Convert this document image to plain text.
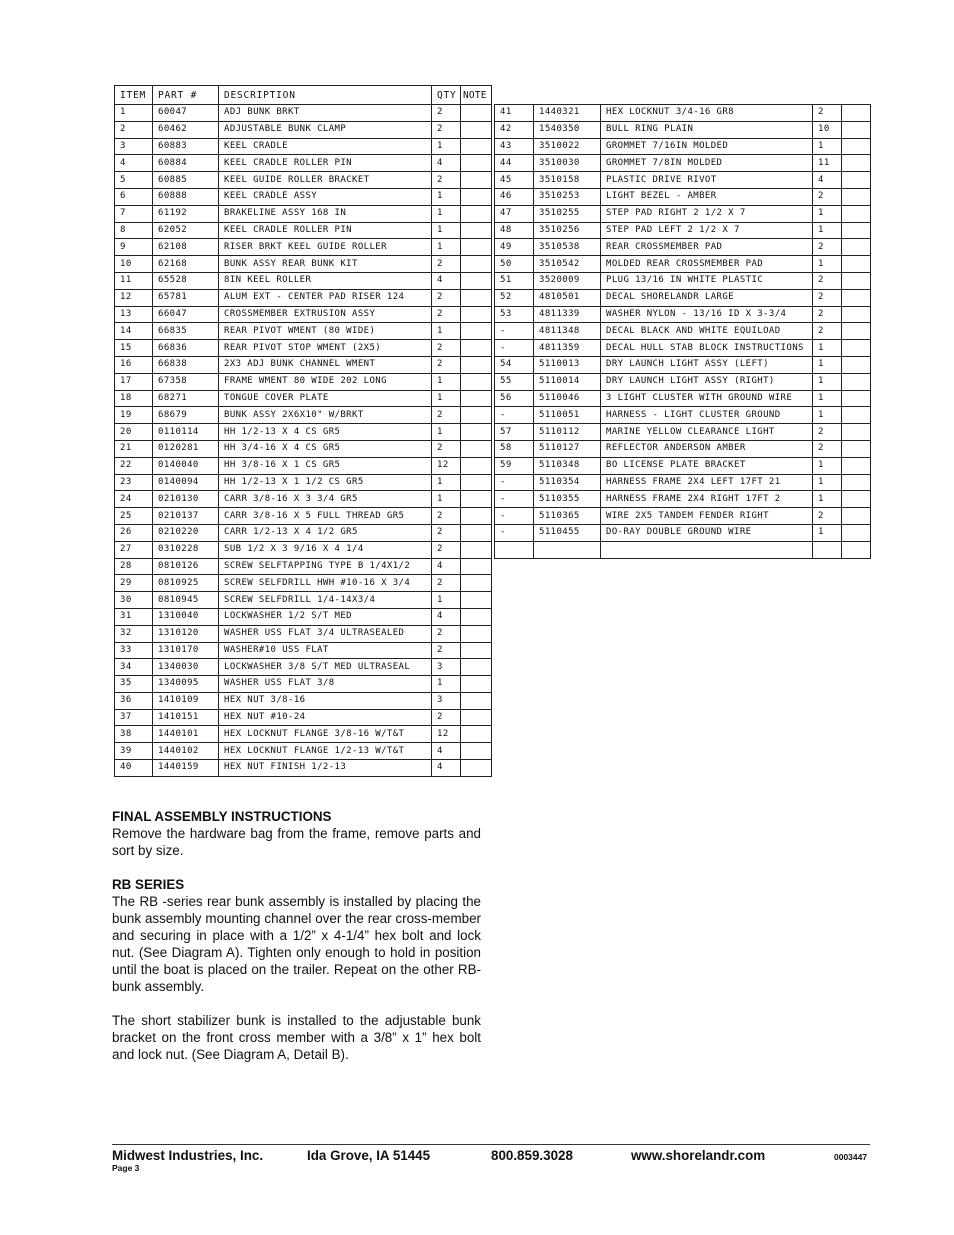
ITEM	PART #	DESCRIPTION	QTY	NOTE
1	60047	ADJ BUNK BRKT	2	
2	60462	ADJUSTABLE BUNK CLAMP	2	
3	60883	KEEL CRADLE	1	
4	60884	KEEL CRADLE ROLLER PIN	4	
5	60885	KEEL GUIDE ROLLER BRACKET	2	
6	60888	KEEL CRADLE ASSY	1	
7	61192	BRAKELINE ASSY 168 IN	1	
8	62052	KEEL CRADLE ROLLER PIN	1	
9	62108	RISER BRKT KEEL GUIDE ROLLER	1	
10	62168	BUNK ASSY REAR BUNK KIT	2	
11	65528	8IN KEEL ROLLER	4	
12	65781	ALUM EXT - CENTER PAD RISER 124	2	
13	66047	CROSSMEMBER EXTRUSION ASSY	2	
14	66835	REAR PIVOT WMENT (80 WIDE)	1	
15	66836	REAR PIVOT STOP WMENT (2X5)	2	
16	66838	2X3 ADJ BUNK CHANNEL WMENT	2	
17	67358	FRAME WMENT 80 WIDE 202 LONG	1	
18	68271	TONGUE COVER PLATE	1	
19	68679	BUNK ASSY 2X6X10" W/BRKT	2	
20	0110114	HH 1/2-13 X 4 CS GR5	1	
21	0120281	HH 3/4-16 X 4 CS GR5	2	
22	0140040	HH 3/8-16 X 1 CS GR5	12	
23	0140094	HH 1/2-13 X 1 1/2 CS GR5	1	
24	0210130	CARR 3/8-16 X 3 3/4 GR5	1	
25	0210137	CARR 3/8-16 X 5 FULL THREAD GR5	2	
26	0210220	CARR 1/2-13 X 4 1/2 GR5	2	
27	0310228	SUB 1/2 X 3 9/16 X 4 1/4	2	
28	0810126	SCREW SELFTAPPING TYPE B 1/4X1/2	4	
29	0810925	SCREW SELFDRILL HWH #10-16 X 3/4	2	
30	0810945	SCREW SELFDRILL 1/4-14X3/4	1	
31	1310040	LOCKWASHER 1/2 S/T MED	4	
32	1310120	WASHER USS FLAT 3/4 ULTRASEALED	2	
33	1310170	WASHER#10 USS FLAT	2	
34	1340030	LOCKWASHER 3/8 S/T MED ULTRASEAL	3	
35	1340095	WASHER USS FLAT 3/8	1	
36	1410109	HEX NUT 3/8-16	3	
37	1410151	HEX NUT #10-24	2	
38	1440101	HEX LOCKNUT FLANGE 3/8-16 W/T&T	12	
39	1440102	HEX LOCKNUT FLANGE 1/2-13 W/T&T	4	
40	1440159	HEX NUT FINISH 1/2-13	4	
41	1440321	HEX LOCKNUT 3/4-16 GR8	2	
42	1540350	BULL RING PLAIN	10	
43	3510022	GROMMET 7/16IN MOLDED	1	
44	3510030	GROMMET 7/8IN MOLDED	11	
45	3510158	PLASTIC DRIVE RIVOT	4	
46	3510253	LIGHT BEZEL - AMBER	2	
47	3510255	STEP PAD RIGHT 2 1/2 X 7	1	
48	3510256	STEP PAD LEFT 2 1/2 X 7	1	
49	3510538	REAR CROSSMEMBER PAD	2	
50	3510542	MOLDED REAR CROSSMEMBER PAD	1	
51	3520009	PLUG 13/16 IN WHITE PLASTIC	2	
52	4810501	DECAL SHORELANDR LARGE	2	
53	4811339	WASHER NYLON - 13/16 ID X 3-3/4	2	
-	4811348	DECAL BLACK AND WHITE EQUILOAD	2	
-	4811359	DECAL HULL STAB BLOCK INSTRUCTIONS	1	
54	5110013	DRY LAUNCH LIGHT ASSY (LEFT)	1	
55	5110014	DRY LAUNCH LIGHT ASSY (RIGHT)	1	
56	5110046	3 LIGHT CLUSTER WITH GROUND WIRE	1	
-	5110051	HARNESS - LIGHT CLUSTER GROUND	1	
57	5110112	MARINE YELLOW CLEARANCE LIGHT	2	
58	5110127	REFLECTOR ANDERSON AMBER	2	
59	5110348	BO LICENSE PLATE BRACKET	1	
-	5110354	HARNESS FRAME 2X4 LEFT 17FT 21	1	
-	5110355	HARNESS FRAME 2X4 RIGHT 17FT 2	1	
-	5110365	WIRE 2X5 TANDEM FENDER RIGHT	2	
-	5110455	DO-RAY DOUBLE GROUND WIRE	1	

FINAL ASSEMBLY INSTRUCTIONS

Remove the hardware bag from the frame, remove parts and sort by size.

RB SERIES

The RB -series rear bunk assembly is installed by placing the bunk assembly mounting channel over the rear cross-member and securing in place with a 1/2” x 4-1/4” hex bolt and lock nut. (See Diagram A). Tighten only enough to hold in position until the boat is placed on the trailer. Repeat on the other RB-bunk assembly.

The short stabilizer bunk is installed to the adjustable bunk bracket on the front cross member with a 3/8” x 1” hex bolt and lock nut. (See Diagram A, Detail B).

Midwest Industries, Inc.	Ida Grove, IA 51445	800.859.3028	www.shorelandr.com	0003447
Page 3
